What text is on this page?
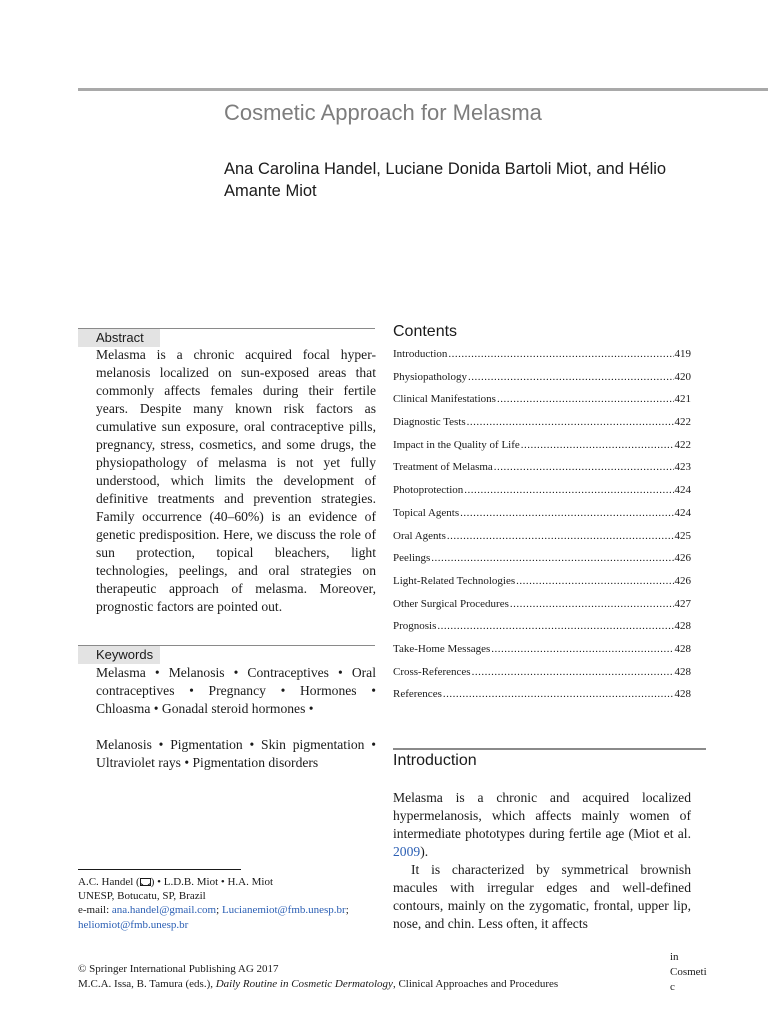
Cosmetic Approach for Melasma
Ana Carolina Handel, Luciane Donida Bartoli Miot, and Hélio Amante Miot
Abstract
Melasma is a chronic acquired focal hyper-melanosis localized on sun-exposed areas that commonly affects females during their fertile years. Despite many known risk factors as cumulative sun exposure, oral contraceptive pills, pregnancy, stress, cosmetics, and some drugs, the physiopathology of melasma is not yet fully understood, which limits the development of definitive treatments and prevention strategies. Family occurrence (40–60%) is an evidence of genetic predisposition. Here, we discuss the role of sun protection, topical bleachers, light technologies, peelings, and oral strategies on therapeutic approach of melasma. Moreover, prognostic factors are pointed out.
Keywords
Melasma • Melanosis • Contraceptives • Oral contraceptives • Pregnancy • Hormones • Chloasma • Gonadal steroid hormones •
Melanosis • Pigmentation • Skin pigmentation • Ultraviolet rays • Pigmentation disorders
Contents
Introduction .....	419
Physiopathology .....	420
Clinical Manifestations .....	421
Diagnostic Tests .....	422
Impact in the Quality of Life .....	422
Treatment of Melasma .....	423
Photoprotection .....	424
Topical Agents .....	424
Oral Agents .....	425
Peelings .....	426
Light-Related Technologies .....	426
Other Surgical Procedures .....	427
Prognosis .....	428
Take-Home Messages .....	428
Cross-References .....	428
References .....	428
Introduction

Melasma is a chronic and acquired localized hypermelanosis, which affects mainly women of intermediate phototypes during fertile age (Miot et al. 2009).

It is characterized by symmetrical brownish macules with irregular edges and well-defined contours, mainly on the zygomatic, frontal, upper lip, nose, and chin. Less often, it affects

A.C. Handel ( ) • L.D.B. Miot • H.A. Miot
UNESP, Botucatu, SP, Brazil
e-mail: ana.handel@gmail.com; Lucianemiot@fmb.unesp.br; heliomiot@fmb.unesp.br
© Springer International Publishing AG 2017
M.C.A. Issa, B. Tamura (eds.), Daily Routine in Cosmetic Dermatology, Clinical Approaches and Procedures
in
Cosmeti
c
